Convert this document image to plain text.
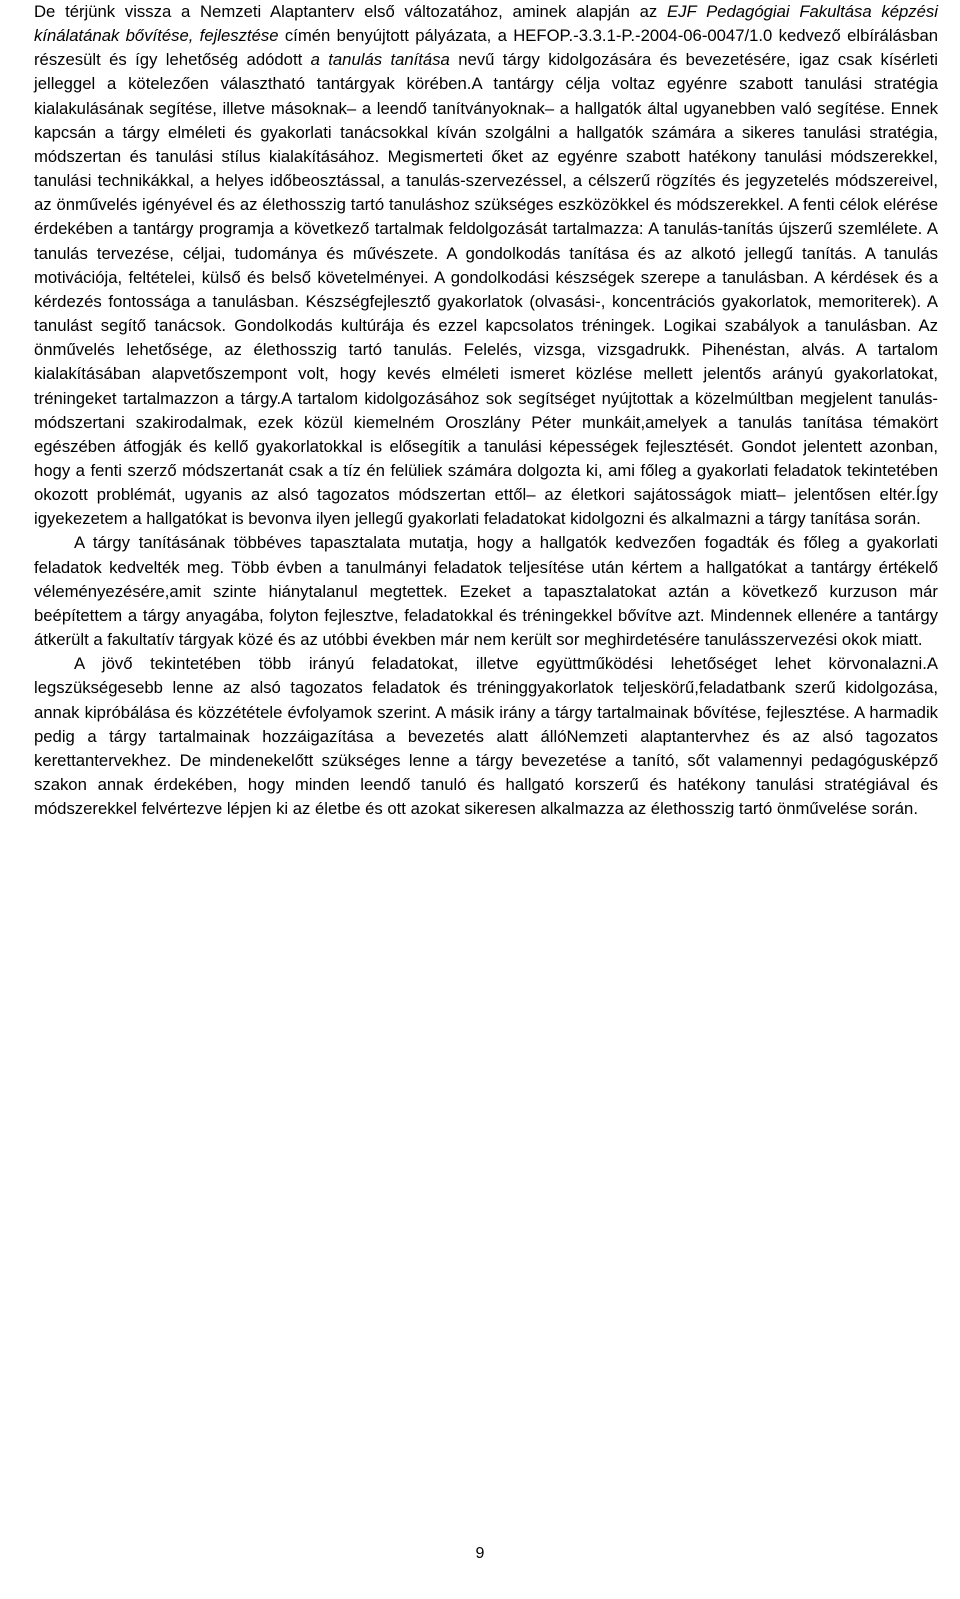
De térjünk vissza a Nemzeti Alaptanterv első változatához, aminek alapján az EJF Pedagógiai Fakultása képzési kínálatának bővítése, fejlesztése címén benyújtott pályázata, a HEFOP.-3.3.1-P.-2004-06-0047/1.0 kedvező elbírálásban részesült és így lehetőség adódott a tanulás tanítása nevű tárgy kidolgozására és bevezetésére, igaz csak kísérleti jelleggel a kötelezően választható tantárgyak körében.A tantárgy célja voltaz egyénre szabott tanulási stratégia kialakulásának segítése, illetve másoknak– a leendő tanítványoknak– a hallgatók által ugyanebben való segítése. Ennek kapcsán a tárgy elméleti és gyakorlati tanácsokkal kíván szolgálni a hallgatók számára a sikeres tanulási stratégia, módszertan és tanulási stílus kialakításához. Megismerteti őket az egyénre szabott hatékony tanulási módszerekkel, tanulási technikákkal, a helyes időbeosztással, a tanulás-szervezéssel, a célszerű rögzítés és jegyzetelés módszereivel, az önművelés igényével és az élethosszig tartó tanuláshoz szükséges eszközökkel és módszerekkel. A fenti célok elérése érdekében a tantárgy programja a következő tartalmak feldolgozását tartalmazza: A tanulás-tanítás újszerű szemlélete. A tanulás tervezése, céljai, tudománya és művészete. A gondolkodás tanítása és az alkotó jellegű tanítás. A tanulás motivációja, feltételei, külső és belső követelményei. A gondolkodási készségek szerepe a tanulásban. A kérdések és a kérdezés fontossága a tanulásban. Készségfejlesztő gyakorlatok (olvasási-, koncentrációs gyakorlatok, memoriterek). A tanulást segítő tanácsok. Gondolkodás kultúrája és ezzel kapcsolatos tréningek. Logikai szabályok a tanulásban. Az önművelés lehetősége, az élethosszig tartó tanulás. Felelés, vizsga, vizsgadrukk. Pihenéstan, alvás. A tartalom kialakításában alapvetőszempont volt, hogy kevés elméleti ismeret közlése mellett jelentős arányú gyakorlatokat, tréningeket tartalmazzon a tárgy.A tartalom kidolgozásához sok segítséget nyújtottak a közelmúltban megjelent tanulás-módszertani szakirodalmak, ezek közül kiemelném Oroszlány Péter munkáit,amelyek a tanulás tanítása témakört egészében átfogják és kellő gyakorlatokkal is elősegítik a tanulási képességek fejlesztését. Gondot jelentett azonban, hogy a fenti szerző módszertanát csak a tíz én felüliek számára dolgozta ki, ami főleg a gyakorlati feladatok tekintetében okozott problémát, ugyanis az alsó tagozatos módszertan ettől– az életkori sajátosságok miatt– jelentősen eltér.Így igyekezetem a hallgatókat is bevonva ilyen jellegű gyakorlati feladatokat kidolgozni és alkalmazni a tárgy tanítása során.

A tárgy tanításának többéves tapasztalata mutatja, hogy a hallgatók kedvezően fogadták és főleg a gyakorlati feladatok kedvelték meg. Több évben a tanulmányi feladatok teljesítése után kértem a hallgatókat a tantárgy értékelő véleményezésére,amit szinte hiánytalanul megtettek. Ezeket a tapasztalatokat aztán a következő kurzuson már beépítettem a tárgy anyagába, folyton fejlesztve, feladatokkal és tréningekkel bővítve azt. Mindennek ellenére a tantárgy átkerült a fakultatív tárgyak közé és az utóbbi években már nem került sor meghirdetésére tanulásszervezési okok miatt.

A jövő tekintetében több irányú feladatokat, illetve együttműködési lehetőséget lehet körvonalazni.A legszükségesebb lenne az alsó tagozatos feladatok és tréninggyakorlatok teljeskörű,feladatbank szerű kidolgozása, annak kipróbálása és közzététele évfolyamok szerint. A másik irány a tárgy tartalmainak bővítése, fejlesztése. A harmadik pedig a tárgy tartalmainak hozzáigazítása a bevezetés alatt állóNemzeti alaptantervhez és az alsó tagozatos kerettantervekhez. De mindenekelőtt szükséges lenne a tárgy bevezetése a tanító, sőt valamennyi pedagógusképző szakon annak érdekében, hogy minden leendő tanuló és hallgató korszerű és hatékony tanulási stratégiával és módszerekkel felvértezve lépjen ki az életbe és ott azokat sikeresen alkalmazza az élethosszig tartó önművelése során.

9
